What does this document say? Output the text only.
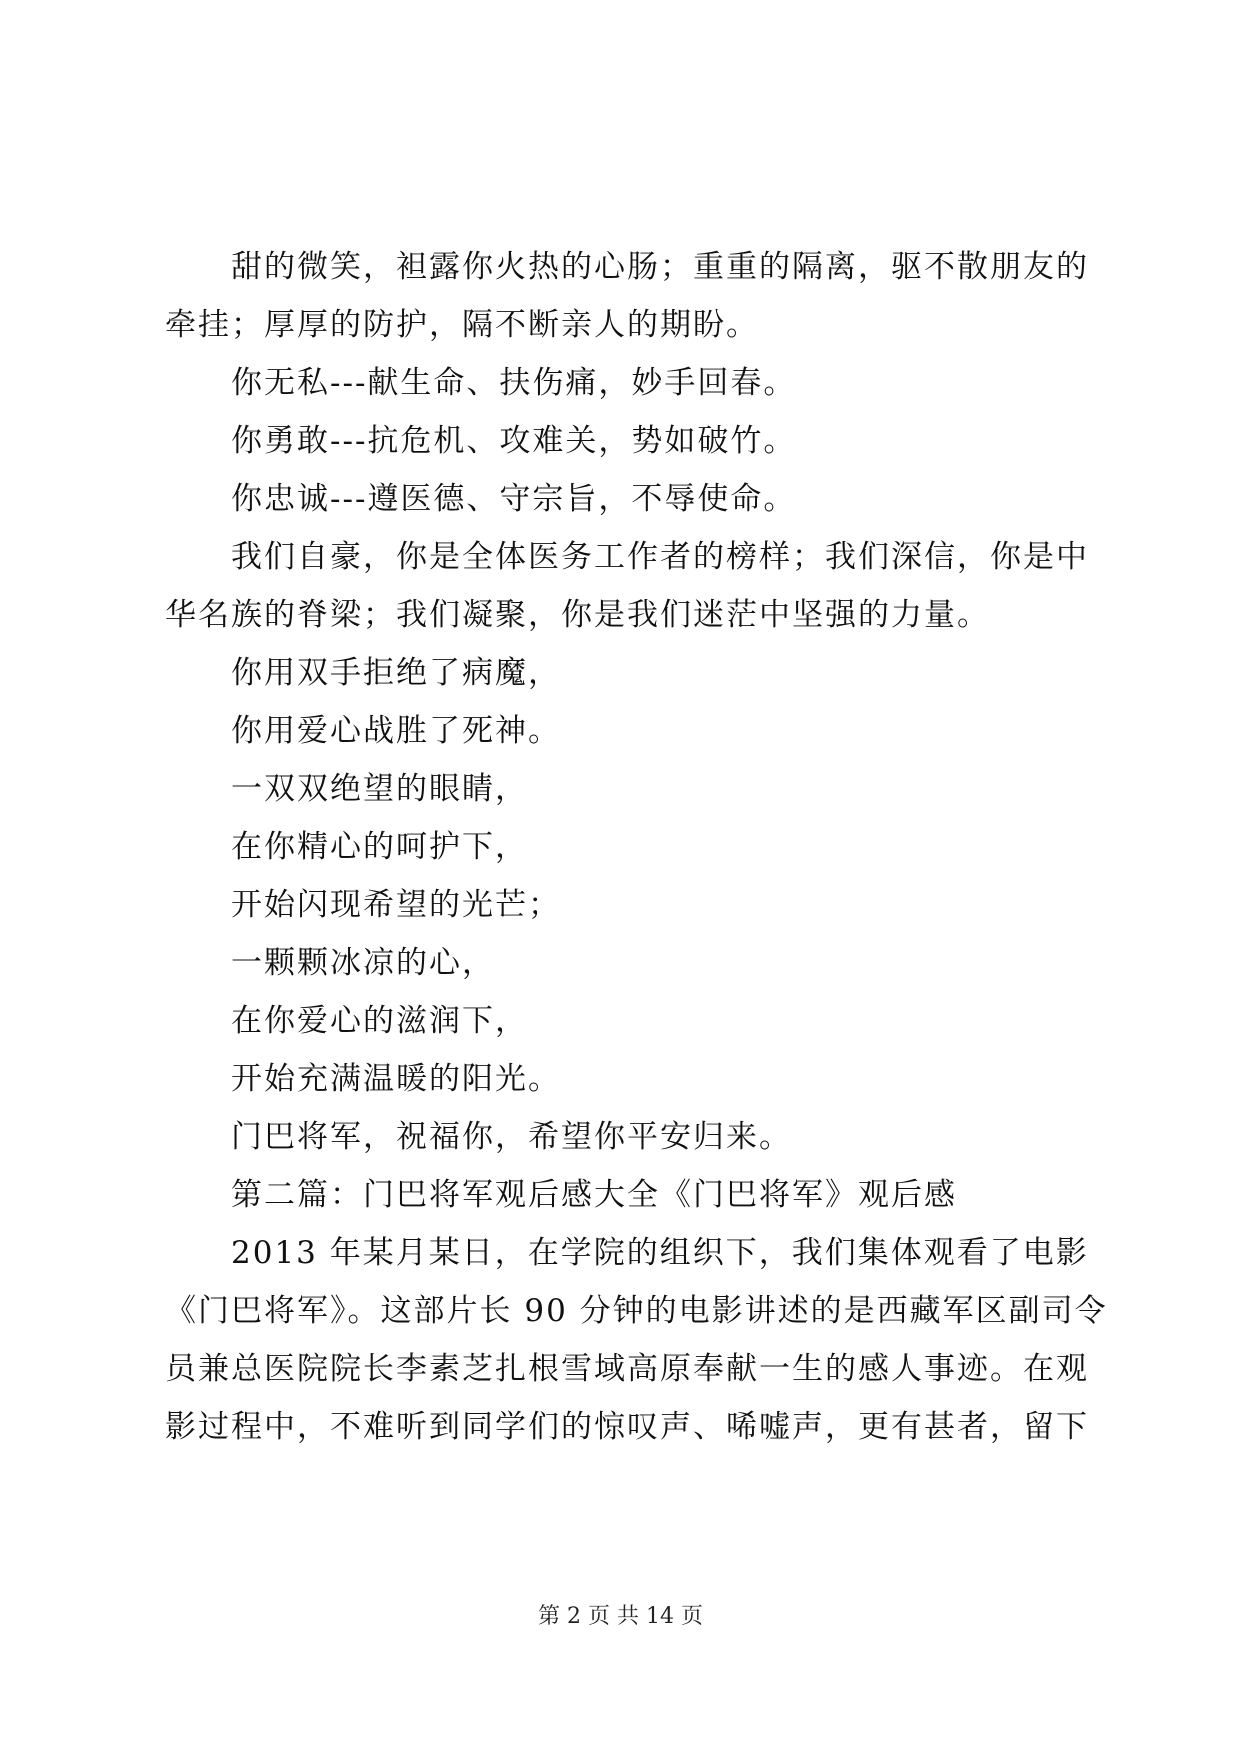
甜的微笑，袒露你火热的心肠；重重的隔离，驱不散朋友的
牵挂；厚厚的防护，隔不断亲人的期盼。
你无私---献生命、扶伤痛，妙手回春。
你勇敢---抗危机、攻难关，势如破竹。
你忠诚---遵医德、守宗旨，不辱使命。
我们自豪，你是全体医务工作者的榜样；我们深信，你是中
华名族的脊梁；我们凝聚，你是我们迷茫中坚强的力量。
你用双手拒绝了病魔，
你用爱心战胜了死神。
一双双绝望的眼睛，
在你精心的呵护下，
开始闪现希望的光芒；
一颗颗冰凉的心，
在你爱心的滋润下，
开始充满温暖的阳光。
门巴将军，祝福你，希望你平安归来。
第二篇：门巴将军观后感大全《门巴将军》观后感
2013 年某月某日，在学院的组织下，我们集体观看了电影
《门巴将军》。这部片长 90 分钟的电影讲述的是西藏军区副司令
员兼总医院院长李素芝扎根雪域高原奉献一生的感人事迹。在观
影过程中，不难听到同学们的惊叹声、唏嘘声，更有甚者，留下
第 2 页 共 14 页
